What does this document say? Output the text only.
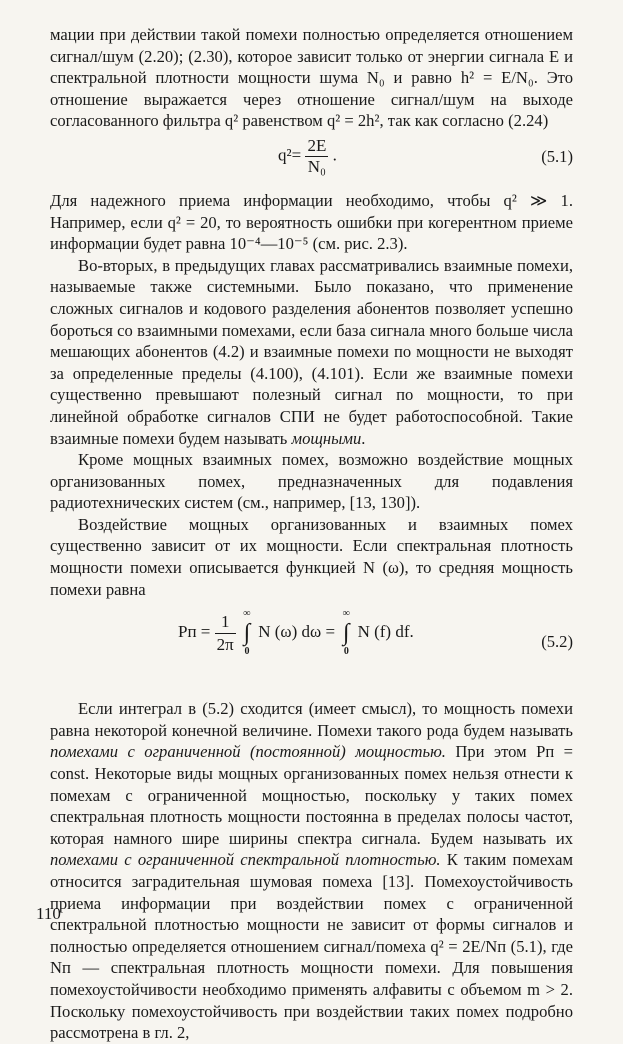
мации при действии такой помехи полностью определяется отношением сигнал/шум (2.20); (2.30), которое зависит только от энергии сигнала E и спектральной плотности мощности шума N₀ и равно h² = E/N₀. Это отношение выражается через отношение сигнал/шум на выходе согласованного фильтра q² равенством q² = 2h², так как согласно (2.24)

$q^2= \frac{2E}{\text{N₀}}$ .	(5.1)

Для надежного приема информации необходимо, чтобы q² ≫ 1. Например, если q² = 20, то вероятность ошибки при когерентном приеме информации будет равна 10⁻⁴—10⁻⁵ (см. рис. 2.3).

Во-вторых, в предыдущих главах рассматривались взаимные помехи, называемые также системными. Было показано, что применение сложных сигналов и кодового разделения абонентов позволяет успешно бороться со взаимными помехами, если база сигнала много больше числа мешающих абонентов (4.2) и взаимные помехи по мощности не выходят за определенные пределы (4.100), (4.101). Если же взаимные помехи существенно превышают полезный сигнал по мощности, то при линейной обработке сигналов СПИ не будет работоспособной. Такие взаимные помехи будем называть мощными.

Кроме мощных взаимных помех, возможно воздействие мощных организованных помех, предназначенных для подавления радиотехнических систем (см., например, [13, 130]).

Воздействие мощных организованных и взаимных помех существенно зависит от их мощности. Если спектральная плотность мощности помехи описывается функцией N (ω), то средняя мощность помехи равна

Pп = $\frac{1}{2\pi}$
∞
∫
0
N (ω) dω =
∞
∫
0
N (f) df.
(5.2)

Если интеграл в (5.2) сходится (имеет смысл), то мощность помехи равна некоторой конечной величине. Помехи такого рода будем называть помехами с ограниченной (постоянной) мощностью. При этом Pп = const. Некоторые виды мощных организованных помех нельзя отнести к помехам с ограниченной мощностью, поскольку у таких помех спектральная плотность мощности постоянна в пределах полосы частот, которая намного шире ширины спектра сигнала. Будем называть их помехами с ограниченной спектральной плотностью. К таким помехам относится заградительная шумовая помеха [13]. Помехоустойчивость приема информации при воздействии помех с ограниченной спектральной плотностью мощности не зависит от формы сигналов и полностью определяется отношением сигнал/помеха q² = 2E/Nп (5.1), где Nп — спектральная плотность мощности помехи. Для повышения помехоустойчивости необходимо применять алфавиты с объемом m > 2. Поскольку помехоустойчивость при воздействии таких помех подробно рассмотрена в гл. 2,

110
